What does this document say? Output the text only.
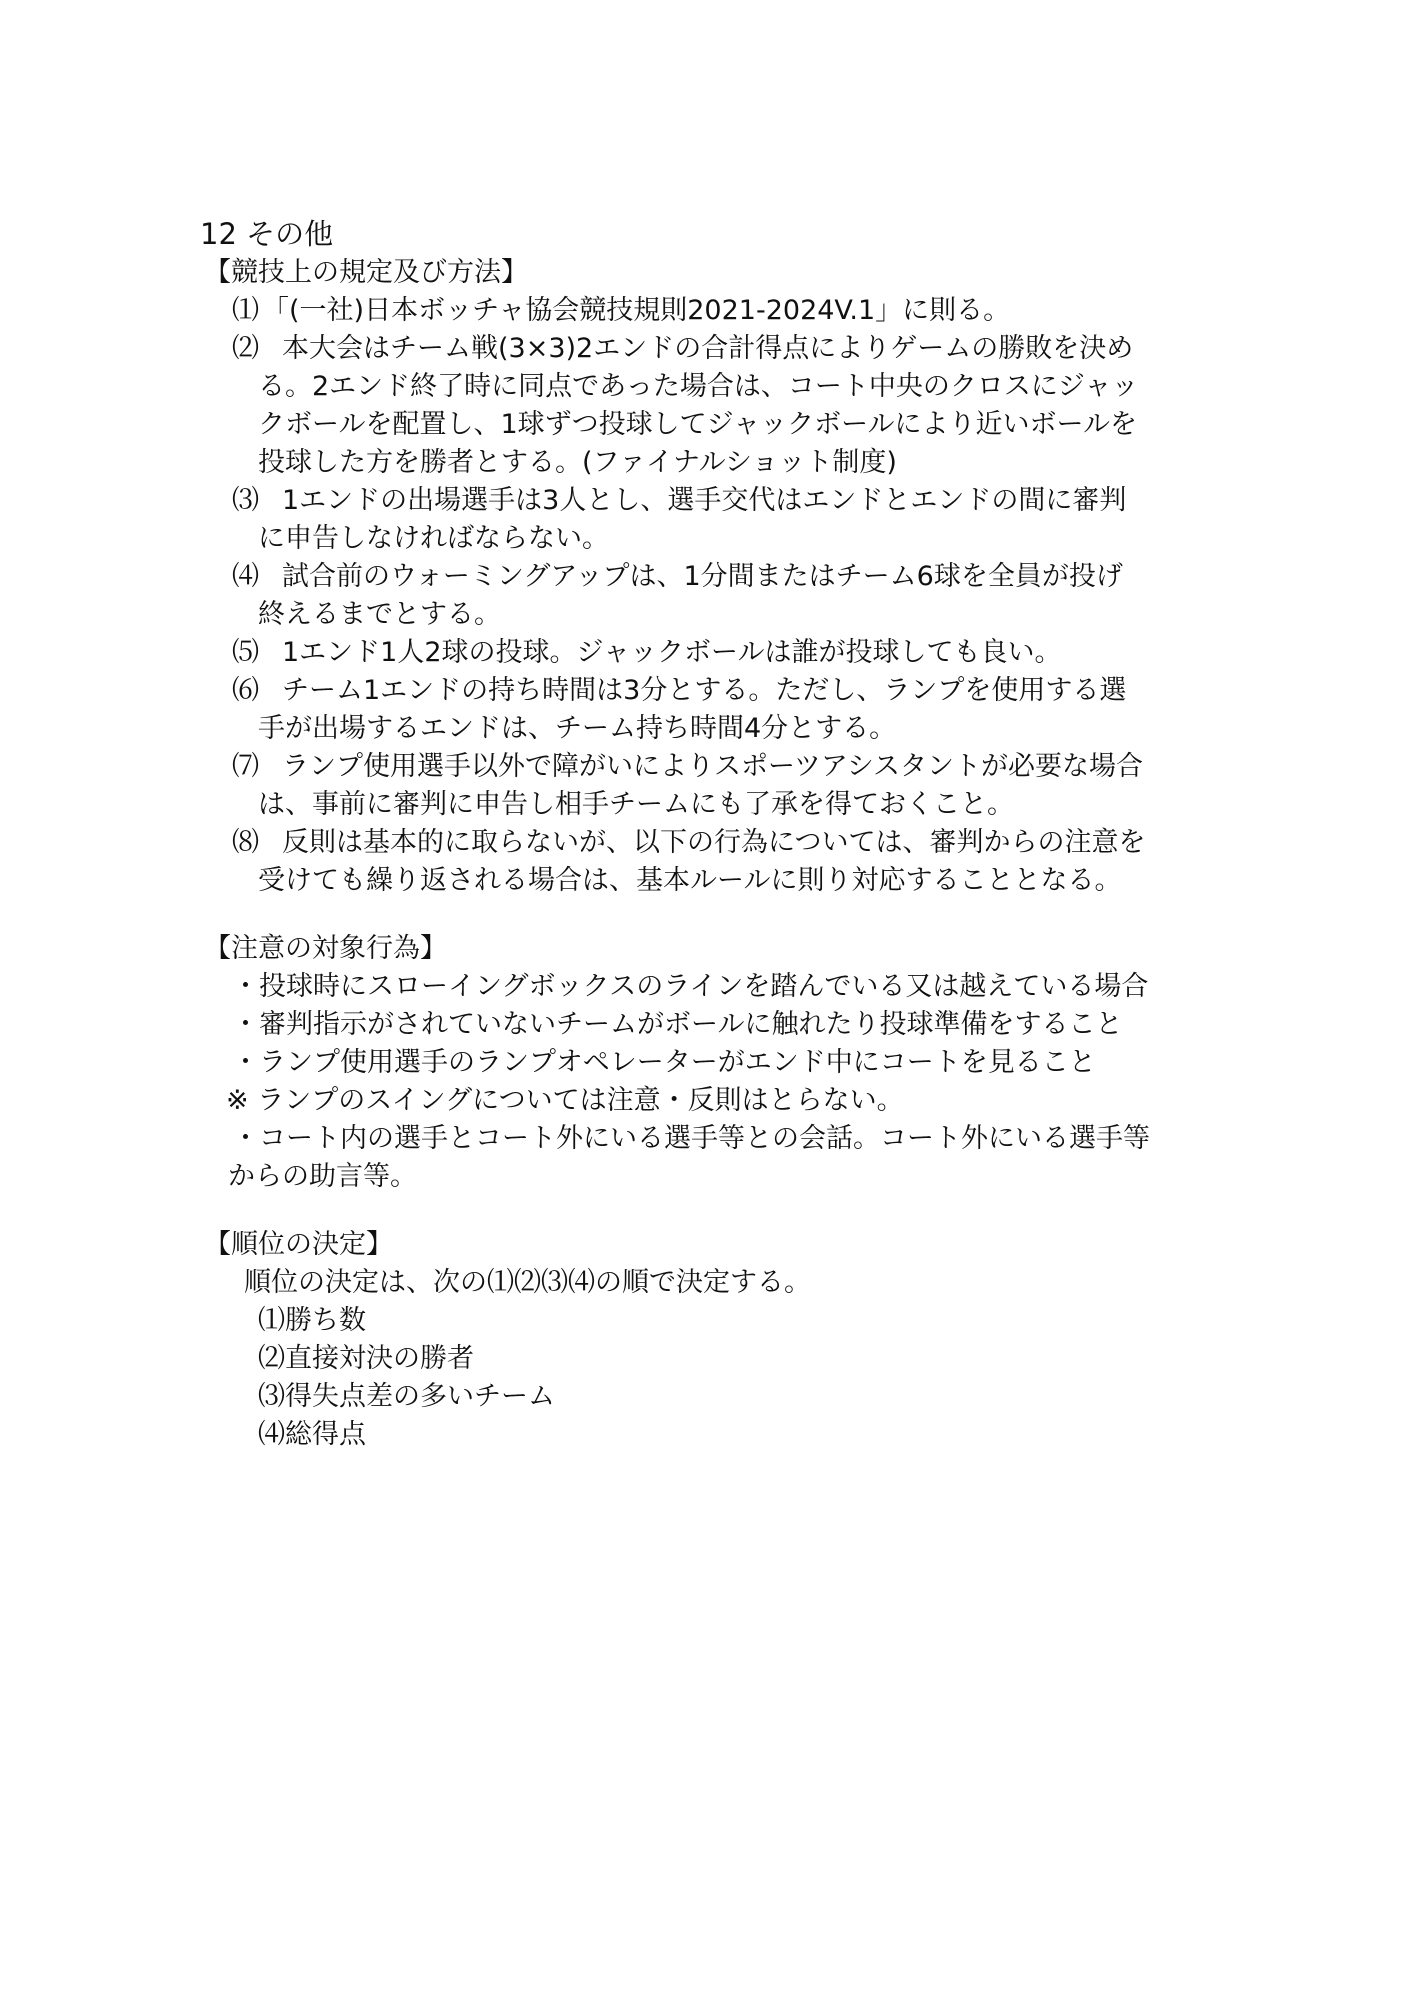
12 その他
【競技上の規定及び方法】
⑴ 「(一社)日本ボッチャ協会競技規則2021-2024V.1」に則る。
⑵ 本大会はチーム戦(3×3)2エンドの合計得点によりゲームの勝敗を決め
る。2エンド終了時に同点であった場合は、コート中央のクロスにジャッ
クボールを配置し、1球ずつ投球してジャックボールにより近いボールを
投球した方を勝者とする。(ファイナルショット制度)
⑶ 1エンドの出場選手は3人とし、選手交代はエンドとエンドの間に審判
に申告しなければならない。
⑷ 試合前のウォーミングアップは、1分間またはチーム6球を全員が投げ
終えるまでとする。
⑸ 1エンド1人2球の投球。ジャックボールは誰が投球しても良い。
⑹ チーム1エンドの持ち時間は3分とする。ただし、ランプを使用する選
手が出場するエンドは、チーム持ち時間4分とする。
⑺ ランプ使用選手以外で障がいによりスポーツアシスタントが必要な場合
は、事前に審判に申告し相手チームにも了承を得ておくこと。
⑻ 反則は基本的に取らないが、以下の行為については、審判からの注意を
受けても繰り返される場合は、基本ルールに則り対応することとなる。
【注意の対象行為】
・投球時にスローイングボックスのラインを踏んでいる又は越えている場合
・審判指示がされていないチームがボールに触れたり投球準備をすること
・ランプ使用選手のランプオペレーターがエンド中にコートを見ること
※ ランプのスイングについては注意・反則はとらない。
・コート内の選手とコート外にいる選手等との会話。コート外にいる選手等
からの助言等。
【順位の決定】
順位の決定は、次の⑴⑵⑶⑷の順で決定する。
⑴勝ち数
⑵直接対決の勝者
⑶得失点差の多いチーム
⑷総得点
